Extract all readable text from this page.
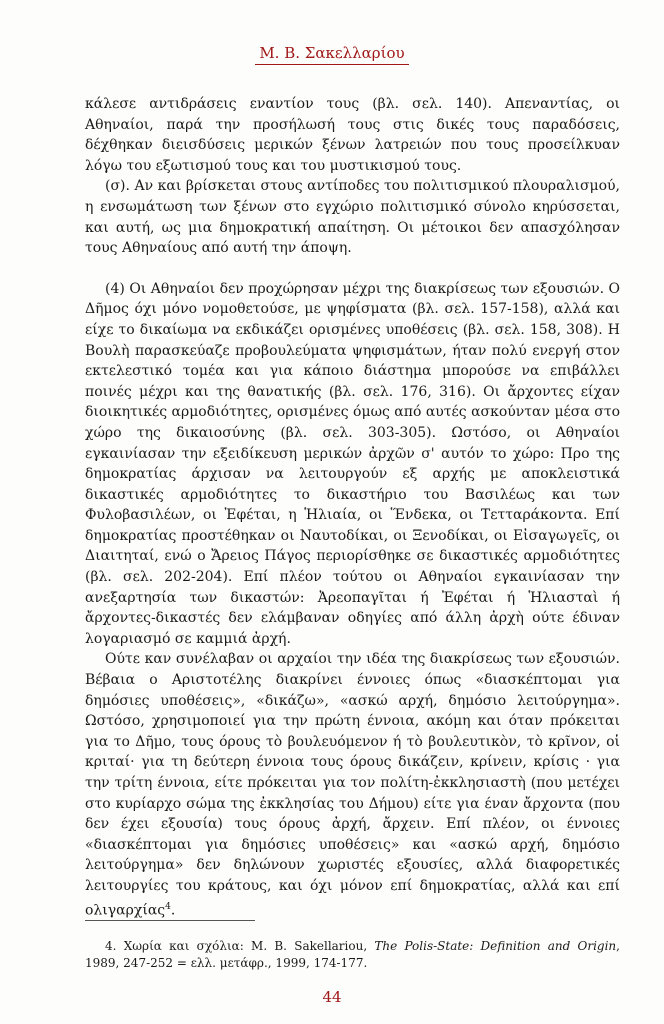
Μ. Β. Σακελλαρίου

κάλεσε αντιδράσεις εναντίον τους (βλ. σελ. 140). Απεναντίας, οι Αθηναίοι, παρά την προσήλωσή τους στις δικές τους παραδόσεις, δέχθηκαν διεισδύσεις μερικών ξένων λατρειών που τους προσείλκυαν λόγω του εξωτισμού τους και του μυστικισμού τους.

(σ). Αν και βρίσκεται στους αντίποδες του πολιτισμικού πλουραλισμού, η ενσωμάτωση των ξένων στο εγχώριο πολιτισμικό σύνολο κηρύσσεται, και αυτή, ως μια δημοκρατική απαίτηση. Οι μέτοικοι δεν απασχόλησαν τους Αθηναίους από αυτή την άποψη.

(4) Οι Αθηναίοι δεν προχώρησαν μέχρι της διακρίσεως των εξουσιών. Ο Δῆμος όχι μόνο νομοθετούσε, με ψηφίσματα (βλ. σελ. 157-158), αλλά και είχε το δικαίωμα να εκδικάζει ορισμένες υποθέσεις (βλ. σελ. 158, 308). Η Βουλὴ παρασκεύαζε προβουλεύματα ψηφισμάτων, ήταν πολύ ενεργή στον εκτελεστικό τομέα και για κάποιο διάστημα μπορούσε να επιβάλλει ποινές μέχρι και της θανατικής (βλ. σελ. 176, 316). Οι ἄρχοντες είχαν διοικητικές αρμοδιότητες, ορισμένες όμως από αυτές ασκούνταν μέσα στο χώρο της δικαιοσύνης (βλ. σελ. 303-305). Ωστόσο, οι Αθηναίοι εγκαινίασαν την εξειδίκευση μερικών ἀρχῶν σ' αυτόν το χώρο: Προ της δημοκρατίας άρχισαν να λειτουργούν εξ αρχής με αποκλειστικά δικαστικές αρμοδιότητες το δικαστήριο του Βασιλέως και των Φυλοβασιλέων, οι Ἐφέται, η Ἡλιαία, οι Ἕνδεκα, οι Τετταράκοντα. Επί δημοκρατίας προστέθηκαν οι Ναυτοδίκαι, οι Ξενοδίκαι, οι Εἰσαγωγεῖς, οι Διαιτηταί, ενώ ο Ἄρειος Πάγος περιορίσθηκε σε δικαστικές αρμοδιότητες (βλ. σελ. 202-204). Επί πλέον τούτου οι Αθηναίοι εγκαινίασαν την ανεξαρτησία των δικαστών: Ἀρεοπαγῖται ή Ἐφέται ή Ἡλιασταὶ ή ἄρχοντες-δικαστές δεν ελάμβαναν οδηγίες από άλλη ἀρχὴ ούτε έδιναν λογαριασμό σε καμμιά ἀρχή.

Ούτε καν συνέλαβαν οι αρχαίοι την ιδέα της διακρίσεως των εξουσιών. Βέβαια ο Αριστοτέλης διακρίνει έννοιες όπως «διασκέπτομαι για δημόσιες υποθέσεις», «δικάζω», «ασκώ αρχή, δημόσιο λειτούργημα». Ωστόσο, χρησιμοποιεί για την πρώτη έννοια, ακόμη και όταν πρόκειται για το Δῆμο, τους όρους τὸ βουλευόμενον ή τὸ βουλευτικὸν, τὸ κρῖνον, οἱ κριταί· για τη δεύτερη έννοια τους όρους δικάζειν, κρίνειν, κρίσις · για την τρίτη έννοια, είτε πρόκειται για τον πολίτη-ἐκκλησιαστὴ (που μετέχει στο κυρίαρχο σώμα της ἐκκλησίας του Δήμου) είτε για έναν ἄρχοντα (που δεν έχει εξουσία) τους όρους ἀρχή, ἄρχειν. Επί πλέον, οι έννοιες «διασκέπτομαι για δημόσιες υποθέσεις» και «ασκώ αρχή, δημόσιο λειτούργημα» δεν δηλώνουν χωριστές εξουσίες, αλλά διαφορετικές λειτουργίες του κράτους, και όχι μόνον επί δημοκρατίας, αλλά και επί ολιγαρχίας$^4$.

4. Χωρία και σχόλια: M. B. Sakellariou, The Polis-State: Definition and Origin, 1989, 247-252 = ελλ. μετάφρ., 1999, 174-177.
44
